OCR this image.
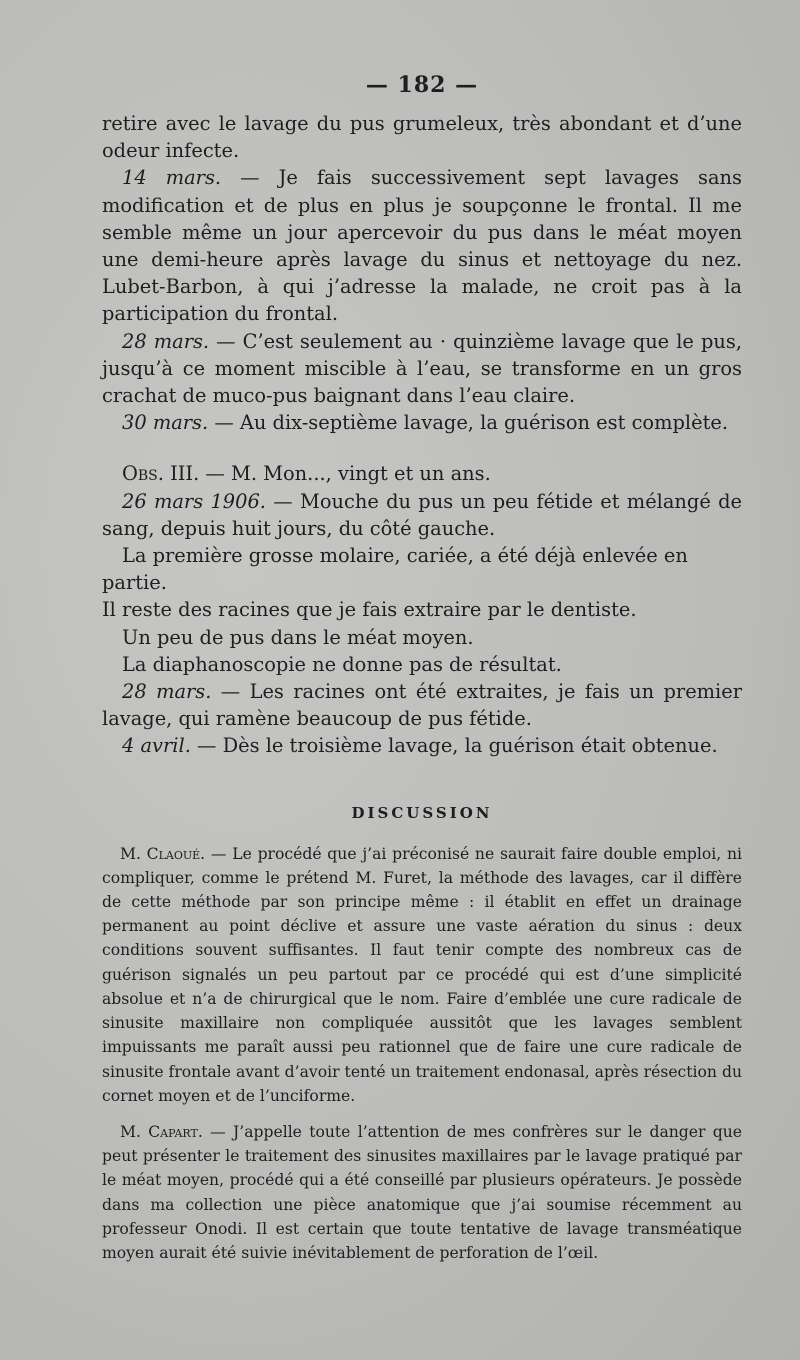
— 182 —

retire avec le lavage du pus grumeleux, très abondant et d’une odeur infecte.

14 mars. — Je fais successivement sept lavages sans modification et de plus en plus je soupçonne le frontal. Il me semble même un jour apercevoir du pus dans le méat moyen une demi-heure après lavage du sinus et nettoyage du nez. Lubet-Barbon, à qui j’adresse la malade, ne croit pas à la participation du frontal.

28 mars. — C’est seulement au · quinzième lavage que le pus, jusqu’à ce moment miscible à l’eau, se transforme en un gros crachat de muco-pus baignant dans l’eau claire.

30 mars. — Au dix-septième lavage, la guérison est complète.

Obs. III. — M. Mon..., vingt et un ans.

26 mars 1906. — Mouche du pus un peu fétide et mélangé de sang, depuis huit jours, du côté gauche.

La première grosse molaire, cariée, a été déjà enlevée en partie.

Il reste des racines que je fais extraire par le dentiste.

Un peu de pus dans le méat moyen.

La diaphanoscopie ne donne pas de résultat.

28 mars. — Les racines ont été extraites, je fais un premier lavage, qui ramène beaucoup de pus fétide.

4 avril. — Dès le troisième lavage, la guérison était obtenue.

DISCUSSION

M. Claoué. — Le procédé que j’ai préconisé ne saurait faire double emploi, ni compliquer, comme le prétend M. Furet, la méthode des lavages, car il diffère de cette méthode par son principe même : il établit en effet un drainage permanent au point déclive et assure une vaste aération du sinus : deux conditions souvent suffisantes. Il faut tenir compte des nombreux cas de guérison signalés un peu partout par ce procédé qui est d’une simplicité absolue et n’a de chirurgical que le nom. Faire d’emblée une cure radicale de sinusite maxillaire non compliquée aussitôt que les lavages semblent impuissants me paraît aussi peu rationnel que de faire une cure radicale de sinusite frontale avant d’avoir tenté un traitement endonasal, après résection du cornet moyen et de l’unciforme.

M. Capart. — J’appelle toute l’attention de mes confrères sur le danger que peut présenter le traitement des sinusites maxillaires par le lavage pratiqué par le méat moyen, procédé qui a été conseillé par plusieurs opérateurs. Je possède dans ma collection une pièce anatomique que j’ai soumise récemment au professeur Onodi. Il est certain que toute tentative de lavage transméatique moyen aurait été suivie inévitablement de perforation de l’œil.
